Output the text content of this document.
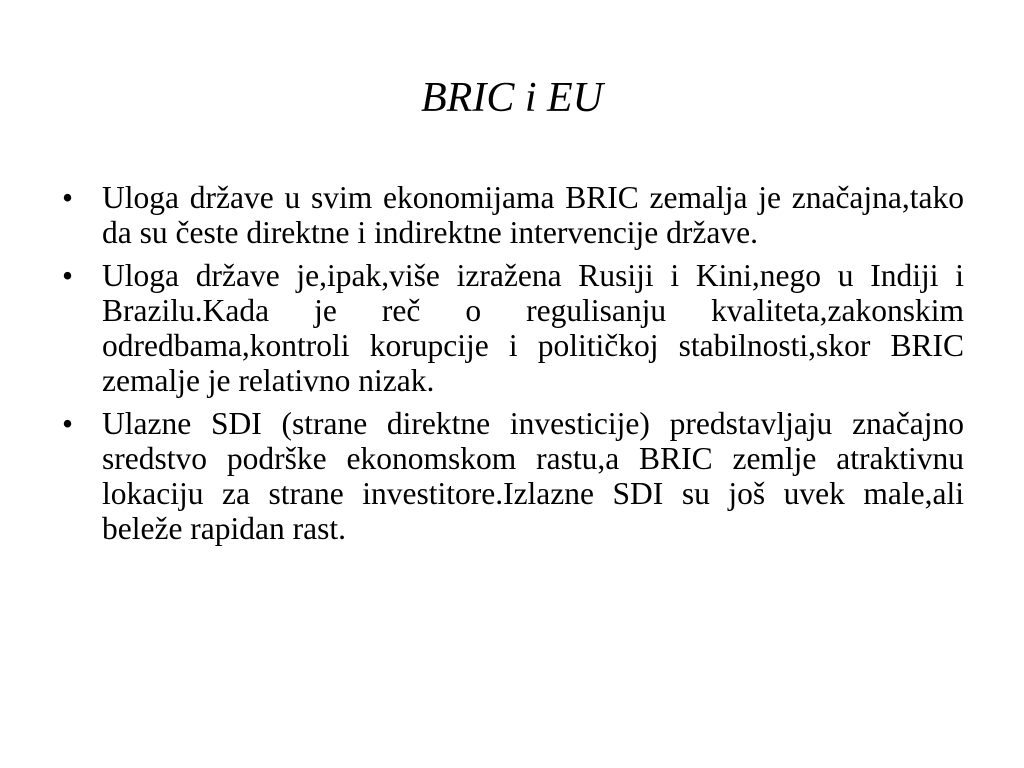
BRIC i EU
• Uloga države u svim ekonomijama BRIC zemalja je značajna,tako da su česte direktne i indirektne intervencije države.
• Uloga države je,ipak,više izražena Rusiji i Kini,nego u Indiji i Brazilu.Kada je reč o regulisanju kvaliteta,zakonskim odredbama,kontroli korupcije i političkoj stabilnosti,skor BRIC zemalje je relativno nizak.
• Ulazne SDI (strane direktne investicije) predstavljaju značajno sredstvo podrške ekonomskom rastu,a BRIC zemlje atraktivnu lokaciju za strane investitore.Izlazne SDI su još uvek male,ali beleže rapidan rast.
